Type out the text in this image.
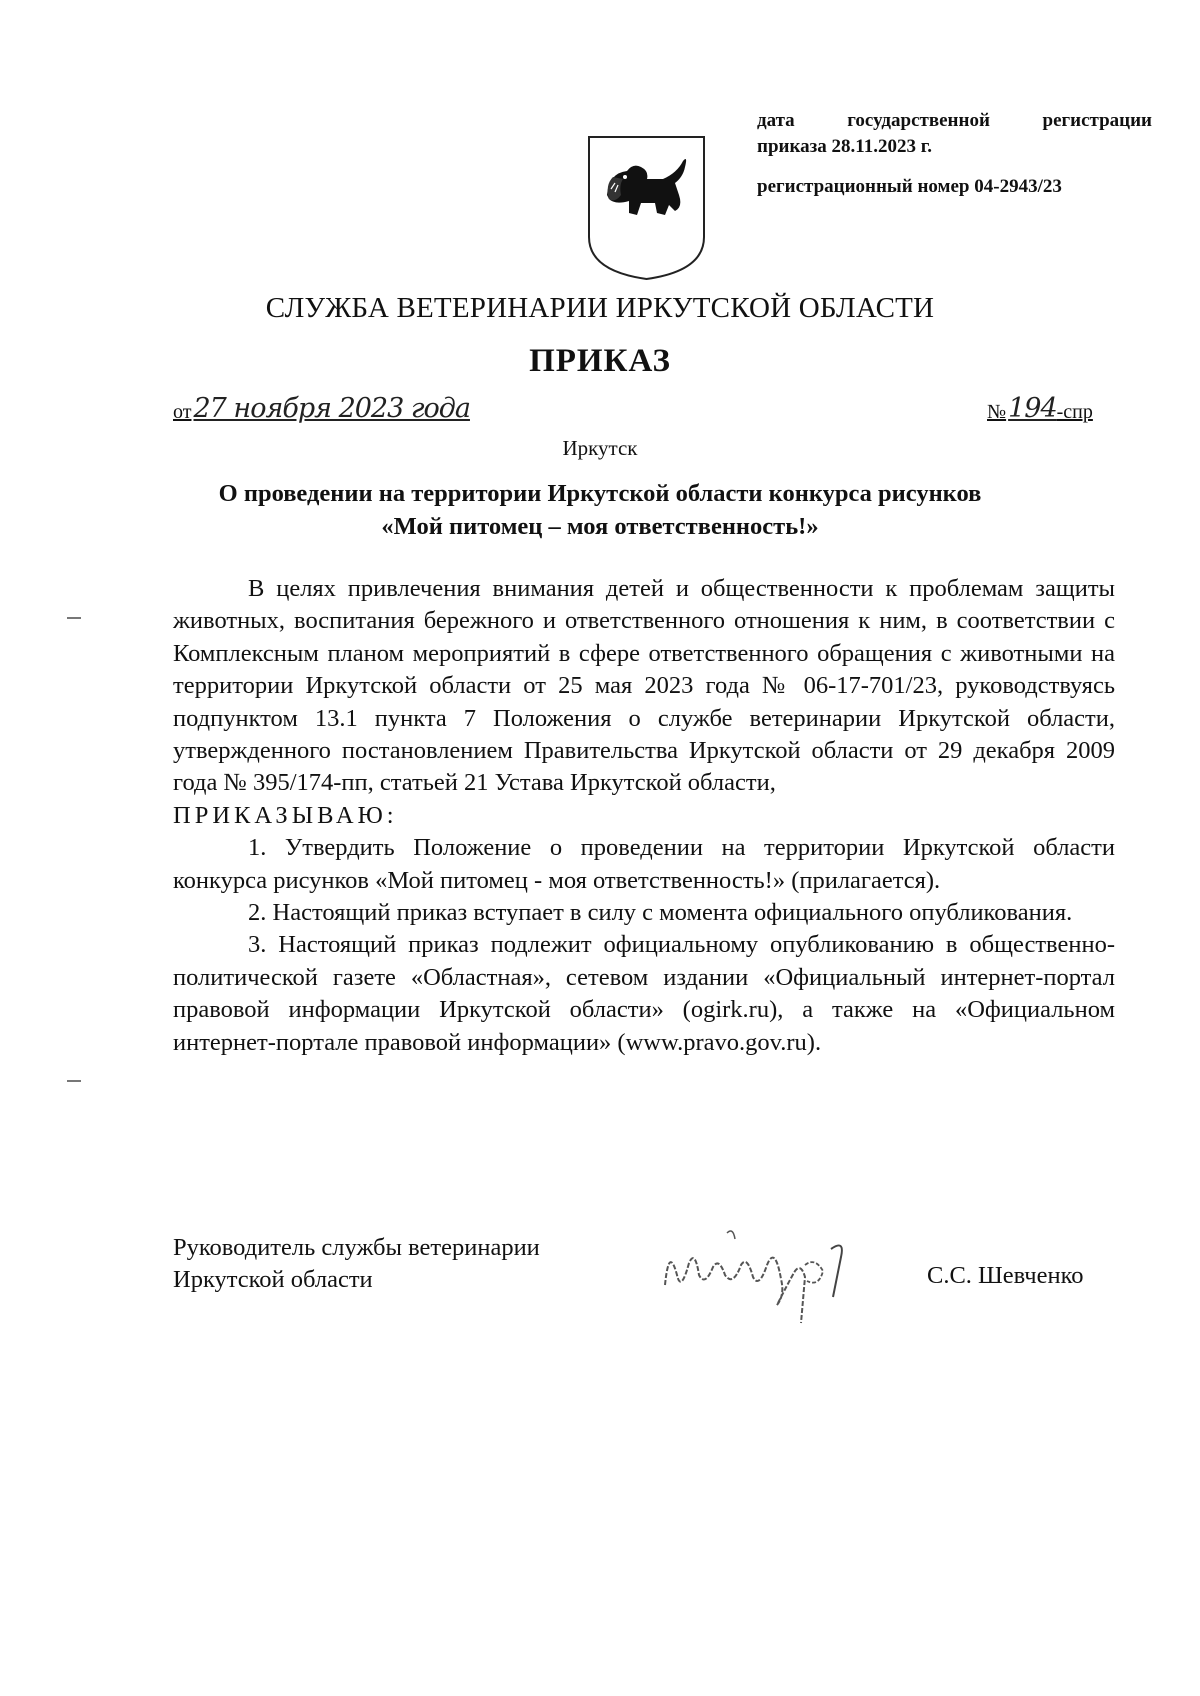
дата	государственной	регистрации
приказа 28.11.2023 г.
регистрационный номер 04-2943/23
СЛУЖБА ВЕТЕРИНАРИИ ИРКУТСКОЙ ОБЛАСТИ
ПРИКАЗ
от 27 ноября 2023 года	№ 194 -спр
Иркутск
О проведении на территории Иркутской области конкурса рисунков
«Мой питомец – моя ответственность!»

В целях привлечения внимания детей и общественности к проблемам защиты животных, воспитания бережного и ответственного отношения к ним, в соответствии с Комплексным планом мероприятий в сфере ответственного обращения с животными на территории Иркутской области от 25 мая 2023 года № 06-17-701/23, руководствуясь подпунктом 13.1 пункта 7 Положения о службе ветеринарии Иркутской области, утвержденного постановлением Правительства Иркутской области от 29 декабря 2009 года № 395/174-пп, статьей 21 Устава Иркутской области,

ПРИКАЗЫВАЮ:

1. Утвердить Положение о проведении на территории Иркутской области конкурса рисунков «Мой питомец - моя ответственность!» (прилагается).

2. Настоящий приказ вступает в силу с момента официального опубликования.

3. Настоящий приказ подлежит официальному опубликованию в общественно-политической газете «Областная», сетевом издании «Официальный интернет-портал правовой информации Иркутской области» (ogirk.ru), а также на «Официальном интернет-портале правовой информации» (www.pravo.gov.ru).

Руководитель службы ветеринарии
Иркутской области	С.С. Шевченко
